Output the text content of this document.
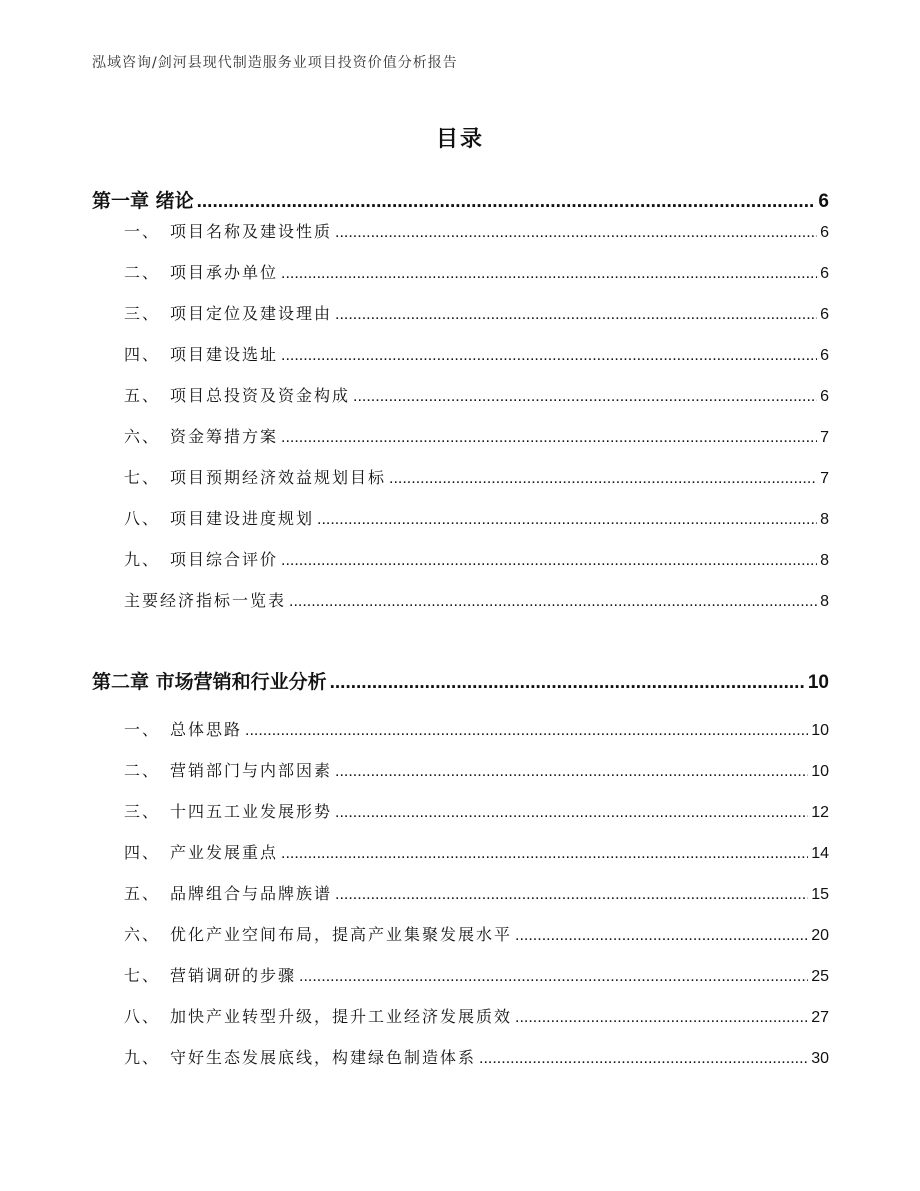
泓域咨询/剑河县现代制造服务业项目投资价值分析报告
目录
第一章 绪论 .....	6
一、 项目名称及建设性质 .....	6
二、 项目承办单位 .....	6
三、 项目定位及建设理由 .....	6
四、 项目建设选址 .....	6
五、 项目总投资及资金构成 .....	6
六、 资金筹措方案 .....	7
七、 项目预期经济效益规划目标 .....	7
八、 项目建设进度规划 .....	8
九、 项目综合评价 .....	8
主要经济指标一览表 .....	8
第二章 市场营销和行业分析 .....	10
一、 总体思路 .....	10
二、 营销部门与内部因素 .....	10
三、 十四五工业发展形势 .....	12
四、 产业发展重点 .....	14
五、 品牌组合与品牌族谱 .....	15
六、 优化产业空间布局，提高产业集聚发展水平 .....	20
七、 营销调研的步骤 .....	25
八、 加快产业转型升级，提升工业经济发展质效 .....	27
九、 守好生态发展底线，构建绿色制造体系 .....	30
